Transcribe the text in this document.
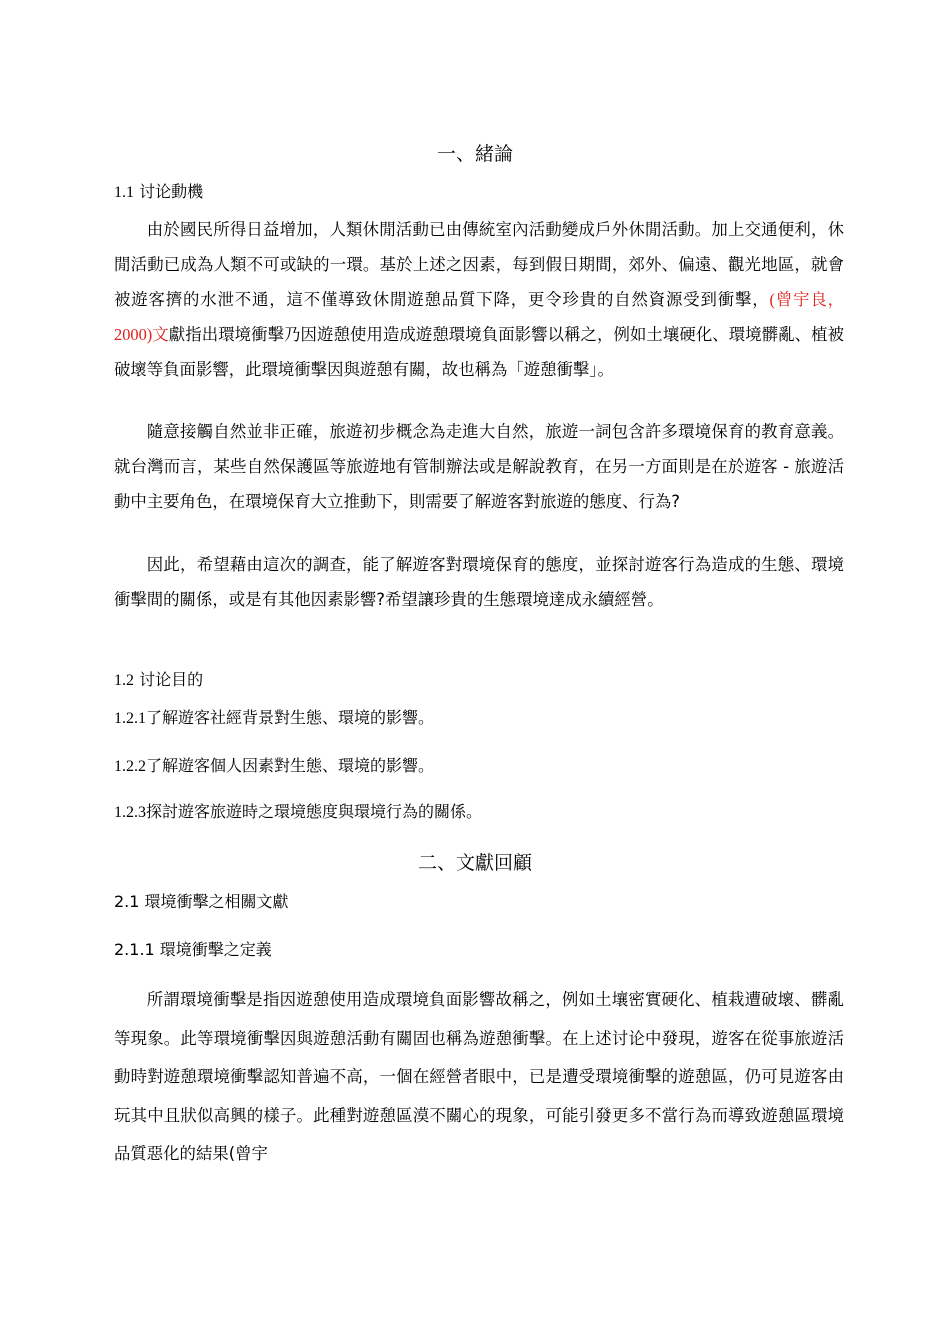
一、緒論
1.1 讨论動機

由於國民所得日益增加，人類休閒活動已由傳統室內活動變成戶外休閒活動。加上交通便利，休閒活動已成為人類不可或缺的一環。基於上述之因素，每到假日期間，郊外、偏遠、觀光地區，就會被遊客擠的水泄不通，這不僅導致休閒遊憩品質下降，更令珍貴的自然資源受到衝擊，(曾宇良，2000)文獻指出環境衝擊乃因遊憩使用造成遊憩環境負面影響以稱之，例如土壤硬化、環境髒亂、植被破壞等負面影響，此環境衝擊因與遊憩有關，故也稱為「遊憩衝擊」。

隨意接觸自然並非正確，旅遊初步概念為走進大自然，旅遊一詞包含許多環境保育的教育意義。就台灣而言，某些自然保護區等旅遊地有管制辦法或是解說教育，在另一方面則是在於遊客 - 旅遊活動中主要角色，在環境保育大立推動下，則需要了解遊客對旅遊的態度、行為?

因此，希望藉由這次的調查，能了解遊客對環境保育的態度，並探討遊客行為造成的生態、環境衝擊間的關係，或是有其他因素影響?希望讓珍貴的生態環境達成永續經營。

1.2 讨论目的
1.2.1了解遊客社經背景對生態、環境的影響。
1.2.2了解遊客個人因素對生態、環境的影響。
1.2.3探討遊客旅遊時之環境態度與環境行為的關係。
二、文獻回顧
2.1 環境衝擊之相關文獻
2.1.1 環境衝擊之定義

所謂環境衝擊是指因遊憩使用造成環境負面影響故稱之，例如土壤密實硬化、植栽遭破壞、髒亂等現象。此等環境衝擊因與遊憩活動有關固也稱為遊憩衝擊。在上述讨论中發現，遊客在從事旅遊活動時對遊憩環境衝擊認知普遍不高，一個在經營者眼中，已是遭受環境衝擊的遊憩區，仍可見遊客由玩其中且狀似高興的樣子。此種對遊憩區漠不關心的現象，可能引發更多不當行為而導致遊憩區環境品質惡化的結果(曾宇
